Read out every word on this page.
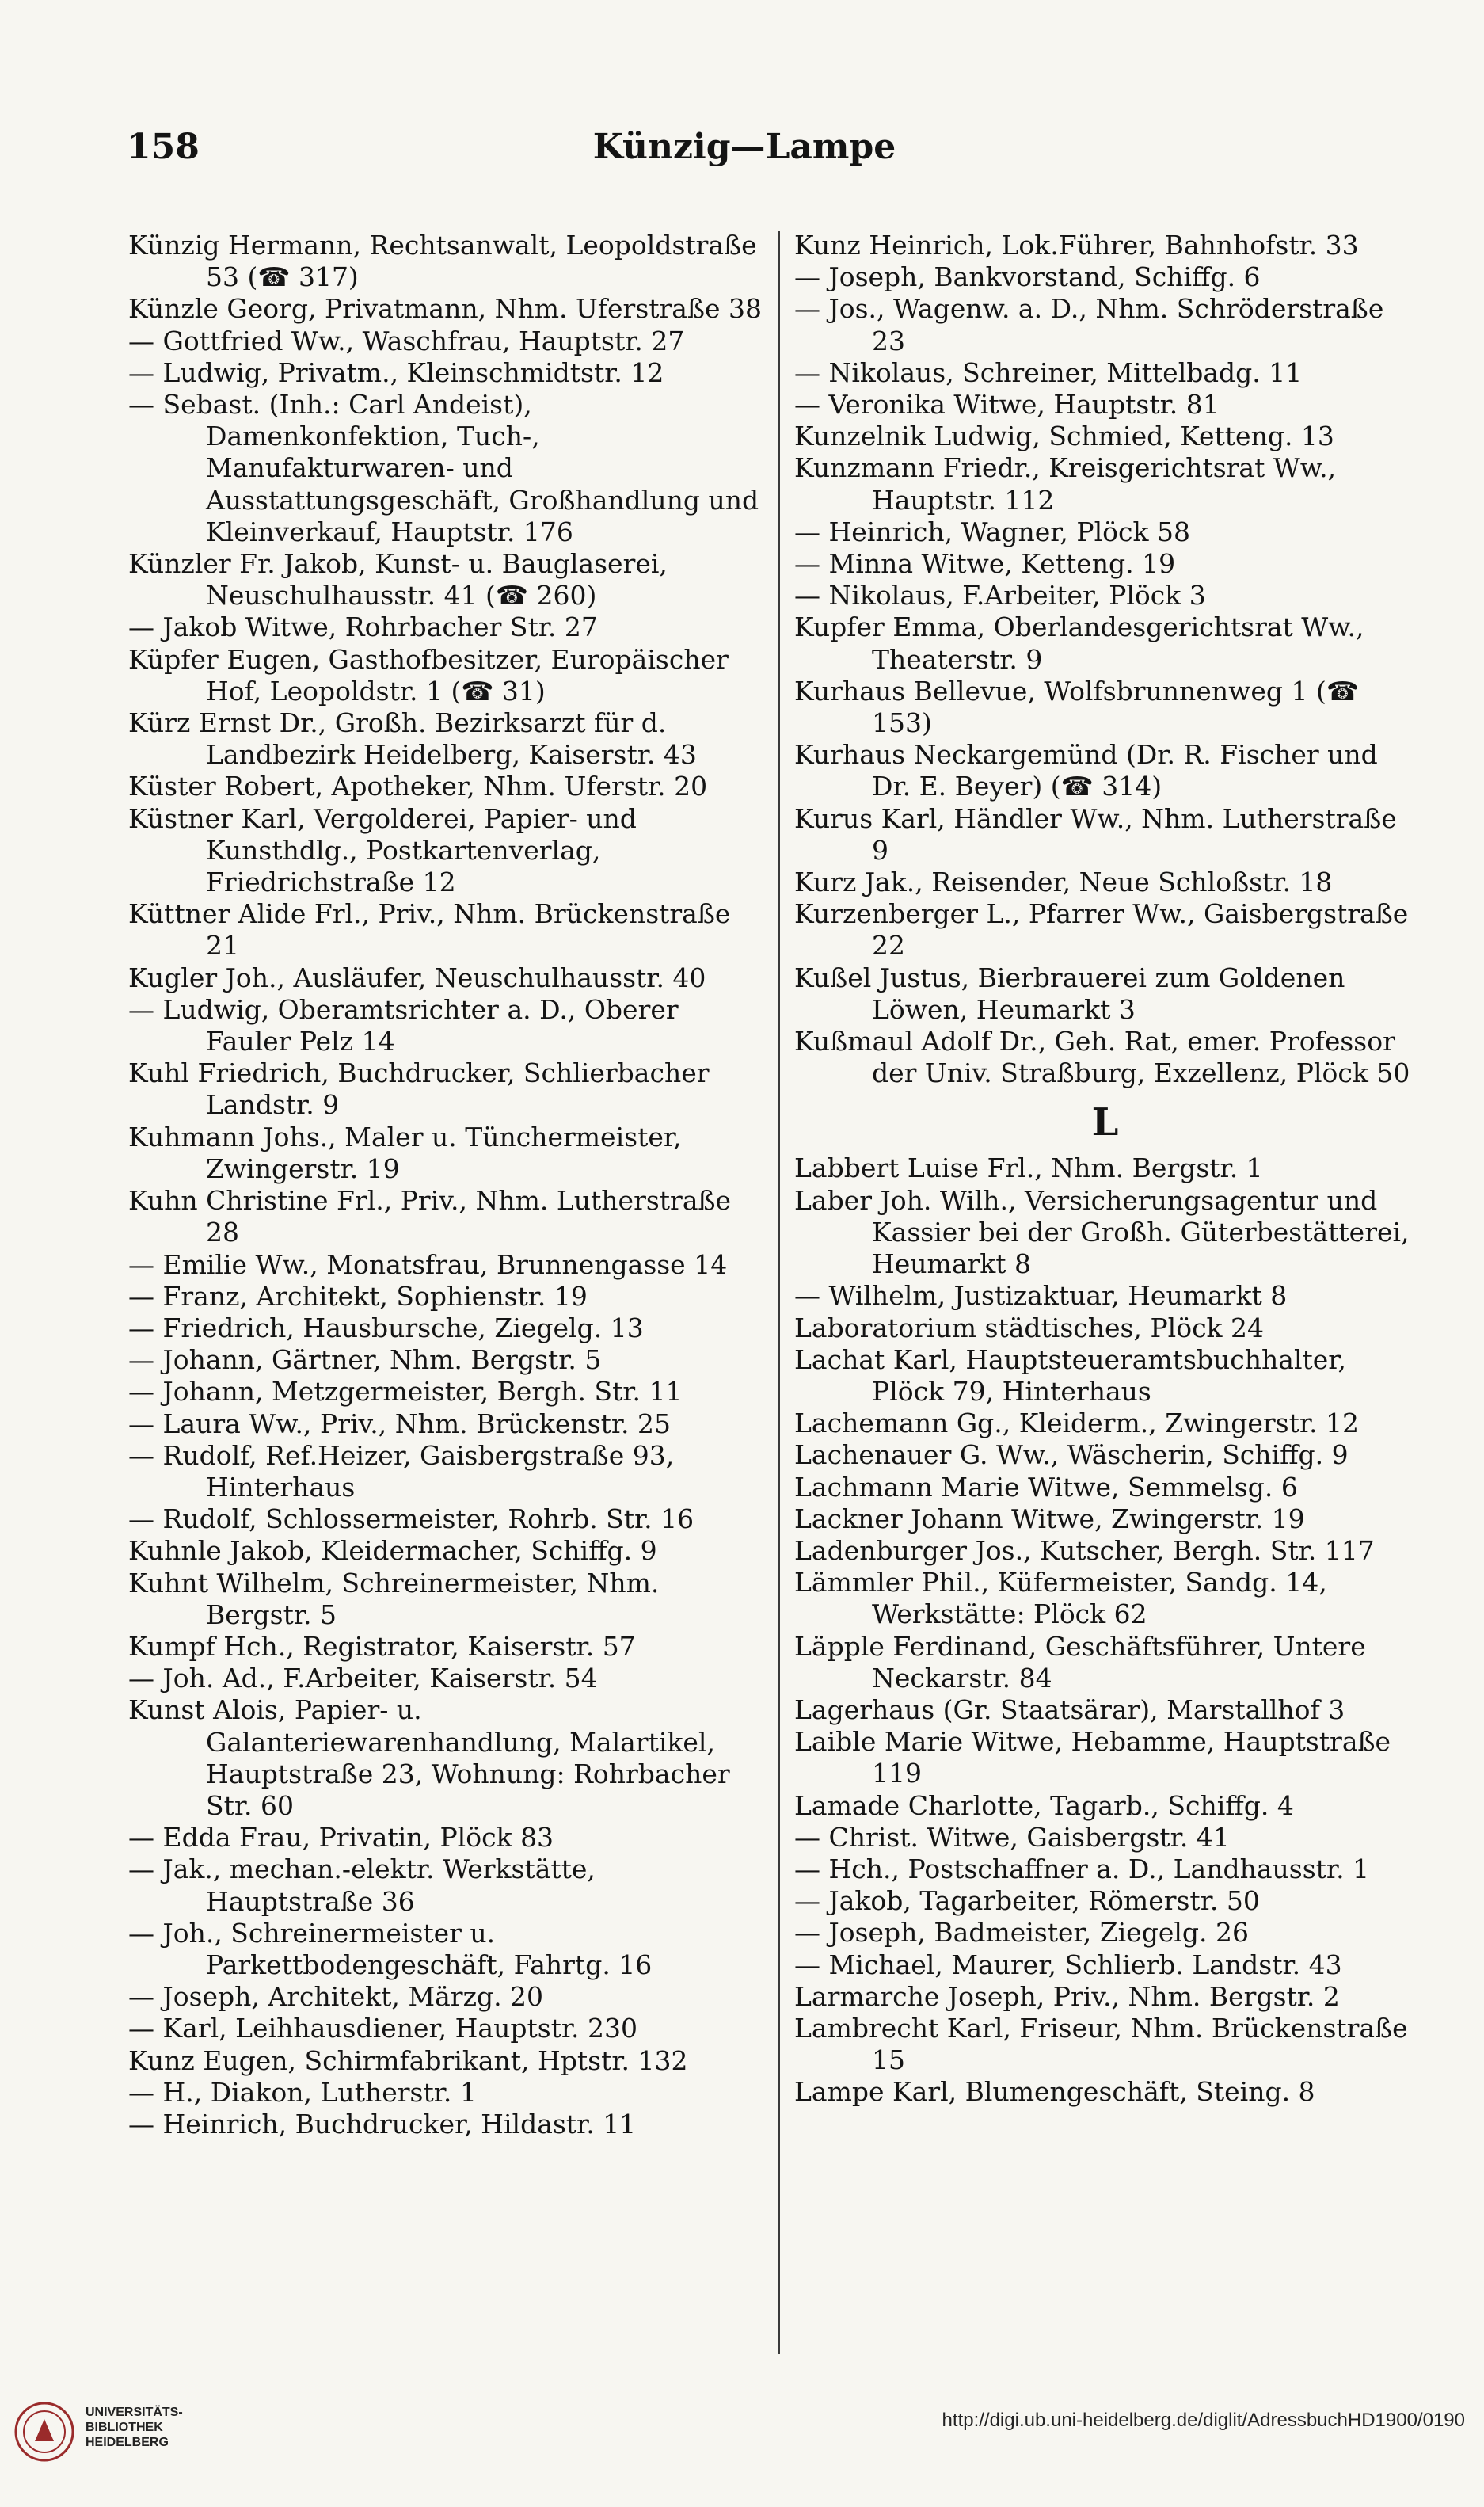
158	Künzig—Lampe
Künzig Hermann, Rechtsanwalt, Leopoldstraße 53 (☎ 317)
Künzle Georg, Privatmann, Nhm. Uferstraße 38
— Gottfried Ww., Waschfrau, Hauptstr. 27
— Ludwig, Privatm., Kleinschmidtstr. 12
— Sebast. (Inh.: Carl Andeist), Damenkonfektion, Tuch-, Manufakturwaren- und Ausstattungsgeschäft, Großhandlung und Kleinverkauf, Hauptstr. 176
Künzler Fr. Jakob, Kunst- u. Bauglaserei, Neuschulhausstr. 41 (☎ 260)
— Jakob Witwe, Rohrbacher Str. 27
Küpfer Eugen, Gasthofbesitzer, Europäischer Hof, Leopoldstr. 1 (☎ 31)
Kürz Ernst Dr., Großh. Bezirksarzt für d. Landbezirk Heidelberg, Kaiserstr. 43
Küster Robert, Apotheker, Nhm. Uferstr. 20
Küstner Karl, Vergolderei, Papier- und Kunsthdlg., Postkartenverlag, Friedrichstraße 12
Küttner Alide Frl., Priv., Nhm. Brückenstraße 21
Kugler Joh., Ausläufer, Neuschulhausstr. 40
— Ludwig, Oberamtsrichter a. D., Oberer Fauler Pelz 14
Kuhl Friedrich, Buchdrucker, Schlierbacher Landstr. 9
Kuhmann Johs., Maler u. Tünchermeister, Zwingerstr. 19
Kuhn Christine Frl., Priv., Nhm. Lutherstraße 28
— Emilie Ww., Monatsfrau, Brunnengasse 14
— Franz, Architekt, Sophienstr. 19
— Friedrich, Hausbursche, Ziegelg. 13
— Johann, Gärtner, Nhm. Bergstr. 5
— Johann, Metzgermeister, Bergh. Str. 11
— Laura Ww., Priv., Nhm. Brückenstr. 25
— Rudolf, Ref.Heizer, Gaisbergstraße 93, Hinterhaus
— Rudolf, Schlossermeister, Rohrb. Str. 16
Kuhnle Jakob, Kleidermacher, Schiffg. 9
Kuhnt Wilhelm, Schreinermeister, Nhm. Bergstr. 5
Kumpf Hch., Registrator, Kaiserstr. 57
— Joh. Ad., F.Arbeiter, Kaiserstr. 54
Kunst Alois, Papier- u. Galanteriewarenhandlung, Malartikel, Hauptstraße 23, Wohnung: Rohrbacher Str. 60
— Edda Frau, Privatin, Plöck 83
— Jak., mechan.-elektr. Werkstätte, Hauptstraße 36
— Joh., Schreinermeister u. Parkettbodengeschäft, Fahrtg. 16
— Joseph, Architekt, Märzg. 20
— Karl, Leihhausdiener, Hauptstr. 230
Kunz Eugen, Schirmfabrikant, Hptstr. 132
— H., Diakon, Lutherstr. 1
— Heinrich, Buchdrucker, Hildastr. 11
Kunz Heinrich, Lok.Führer, Bahnhofstr. 33
— Joseph, Bankvorstand, Schiffg. 6
— Jos., Wagenw. a. D., Nhm. Schröderstraße 23
— Nikolaus, Schreiner, Mittelbadg. 11
— Veronika Witwe, Hauptstr. 81
Kunzelnik Ludwig, Schmied, Ketteng. 13
Kunzmann Friedr., Kreisgerichtsrat Ww., Hauptstr. 112
— Heinrich, Wagner, Plöck 58
— Minna Witwe, Ketteng. 19
— Nikolaus, F.Arbeiter, Plöck 3
Kupfer Emma, Oberlandesgerichtsrat Ww., Theaterstr. 9
Kurhaus Bellevue, Wolfsbrunnenweg 1 (☎ 153)
Kurhaus Neckargemünd (Dr. R. Fischer und Dr. E. Beyer) (☎ 314)
Kurus Karl, Händler Ww., Nhm. Lutherstraße 9
Kurz Jak., Reisender, Neue Schloßstr. 18
Kurzenberger L., Pfarrer Ww., Gaisbergstraße 22
Kußel Justus, Bierbrauerei zum Goldenen Löwen, Heumarkt 3
Kußmaul Adolf Dr., Geh. Rat, emer. Professor der Univ. Straßburg, Exzellenz, Plöck 50
L
Labbert Luise Frl., Nhm. Bergstr. 1
Laber Joh. Wilh., Versicherungsagentur und Kassier bei der Großh. Güterbestätterei, Heumarkt 8
— Wilhelm, Justizaktuar, Heumarkt 8
Laboratorium städtisches, Plöck 24
Lachat Karl, Hauptsteueramtsbuchhalter, Plöck 79, Hinterhaus
Lachemann Gg., Kleiderm., Zwingerstr. 12
Lachenauer G. Ww., Wäscherin, Schiffg. 9
Lachmann Marie Witwe, Semmelsg. 6
Lackner Johann Witwe, Zwingerstr. 19
Ladenburger Jos., Kutscher, Bergh. Str. 117
Lämmler Phil., Küfermeister, Sandg. 14, Werkstätte: Plöck 62
Läpple Ferdinand, Geschäftsführer, Untere Neckarstr. 84
Lagerhaus (Gr. Staatsärar), Marstallhof 3
Laible Marie Witwe, Hebamme, Hauptstraße 119
Lamade Charlotte, Tagarb., Schiffg. 4
— Christ. Witwe, Gaisbergstr. 41
— Hch., Postschaffner a. D., Landhausstr. 1
— Jakob, Tagarbeiter, Römerstr. 50
— Joseph, Badmeister, Ziegelg. 26
— Michael, Maurer, Schlierb. Landstr. 43
Larmarche Joseph, Priv., Nhm. Bergstr. 2
Lambrecht Karl, Friseur, Nhm. Brückenstraße 15
Lampe Karl, Blumengeschäft, Steing. 8
UNIVERSITÄTS-
BIBLIOTHEK
HEIDELBERG
http://digi.ub.uni-heidelberg.de/diglit/AdressbuchHD1900/0190
